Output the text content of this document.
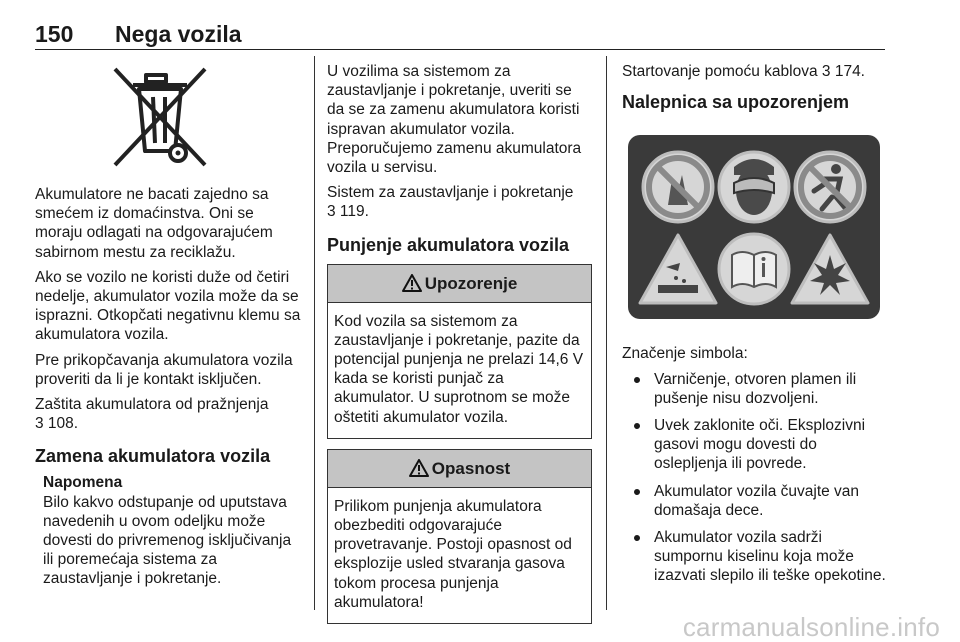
150 Nega vozila

Akumulatore ne bacati zajedno sa smećem iz domaćinstva. Oni se moraju odlagati na odgovarajućem sabirnom mestu za reciklažu.

Ako se vozilo ne koristi duže od četiri nedelje, akumulator vozila može da se isprazni. Otkopčati negativnu klemu sa akumulatora vozila.

Pre prikopčavanja akumulatora vozila proveriti da li je kontakt isključen.

Zaštita akumulatora od pražnjenja
3 108.

Zamena akumulatora vozila
Napomena
Bilo kakvo odstupanje od uputstava navedenih u ovom odeljku može dovesti do privremenog isključivanja ili poremećaja sistema za zaustavljanje i pokretanje.

U vozilima sa sistemom za zaustavljanje i pokretanje, uveriti se da se za zamenu akumulatora koristi ispravan akumulator vozila. Preporučujemo zamenu akumulatora vozila u servisu.

Sistem za zaustavljanje i pokretanje
3 119.

Punjenje akumulatora vozila
Upozorenje
Kod vozila sa sistemom za zaustavljanje i pokretanje, pazite da potencijal punjenja ne prelazi 14,6 V kada se koristi punjač za akumulator. U suprotnom se može oštetiti akumulator vozila.
Opasnost
Prilikom punjenja akumulatora obezbediti odgovarajuće provetravanje. Postoji opasnost od eksplozije usled stvaranja gasova tokom procesa punjenja akumulatora!

Startovanje pomoću kablova 3 174.

Nalepnica sa upozorenjem

Značenje simbola:

Varničenje, otvoren plamen ili pušenje nisu dozvoljeni.
Uvek zaklonite oči. Eksplozivni gasovi mogu dovesti do oslepljenja ili povrede.
Akumulator vozila čuvajte van domašaja dece.
Akumulator vozila sadrži sumpornu kiselinu koja može izazvati slepilo ili teške opekotine.
carmanualsonline.info
